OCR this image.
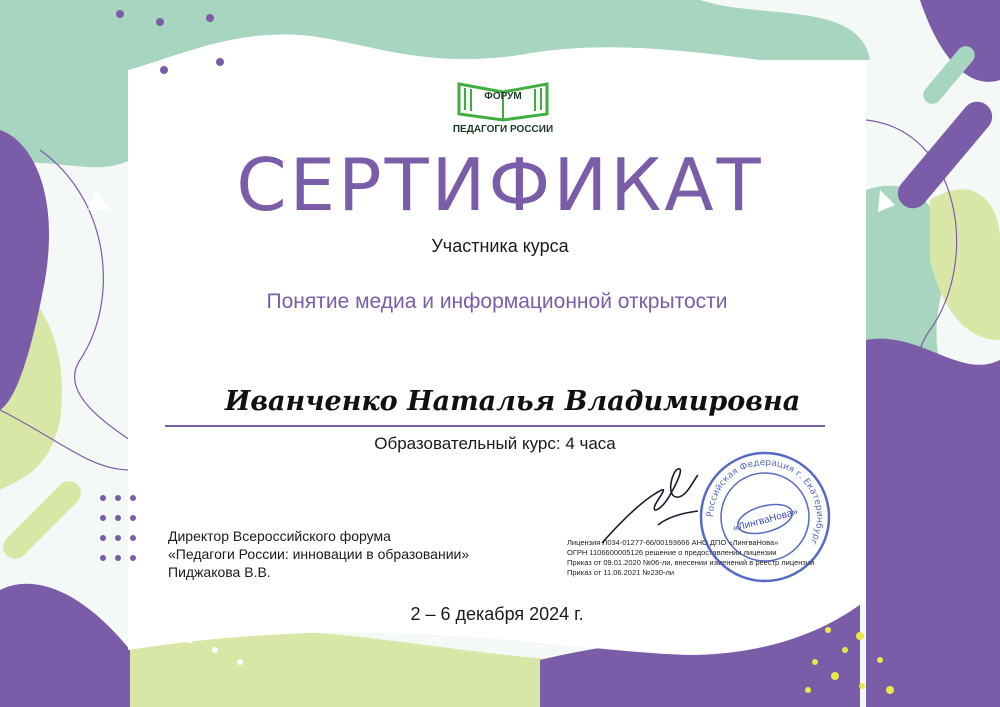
ФОРУМ
ПЕДАГОГИ РОССИИ
СЕРТИФИКАТ
Участника курса
Понятие медиа и информационной открытости
Иванченко Наталья Владимировна
Образовательный курс: 4 часа
Директор Всероссийского форума
«Педагоги России: инновации в образовании»
Пиджакова В.В.
Лицензия Л034-01277-66/00193666 АНО ДПО «ЛингваНова»
ОГРН 1106600005126 решение о предоставлении лицензии
Приказ от 09.01.2020 №06-ли, внесении изменений в реестр лицензий
Приказ от 11.06.2021 №230-ли
Российская Федерация г. Екатеринбург
«ЛингваНова»
2 – 6 декабря 2024 г.
